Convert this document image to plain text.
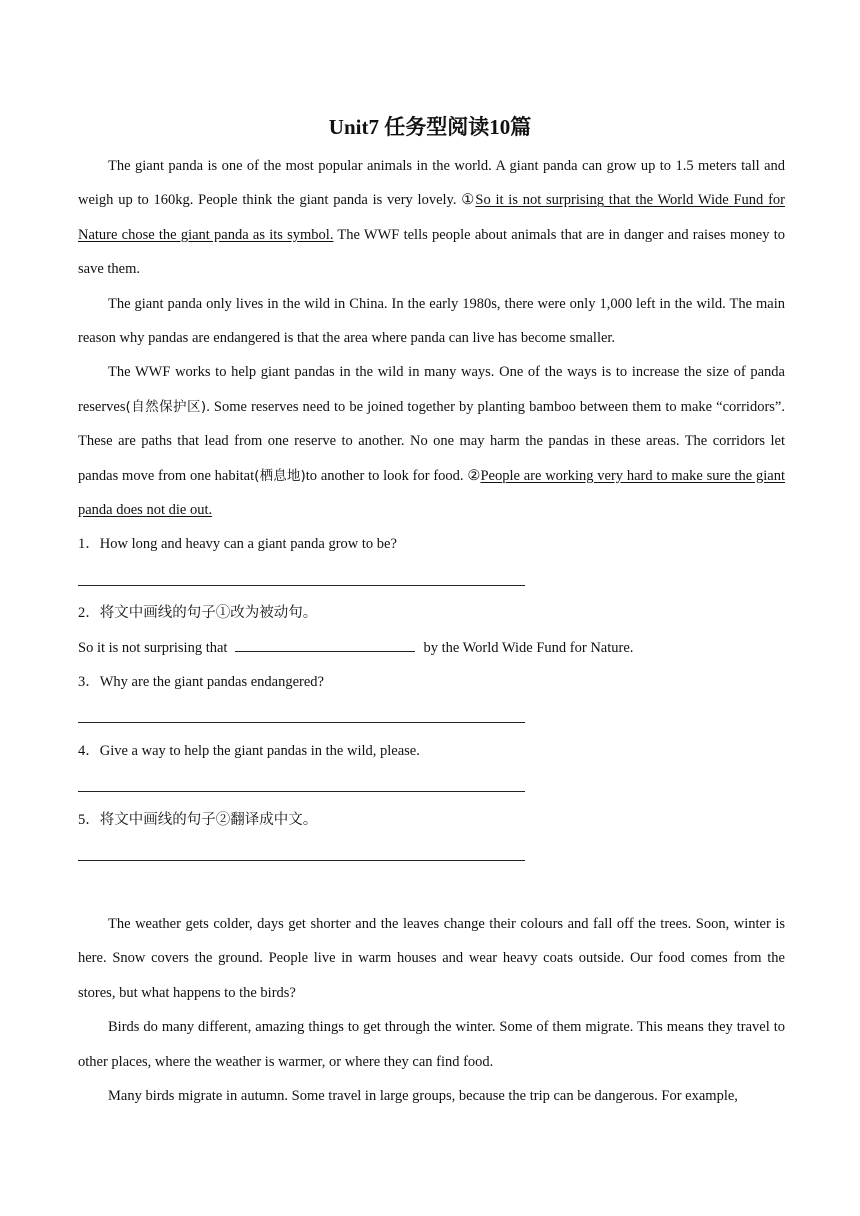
Unit7 任务型阅读10篇

The giant panda is one of the most popular animals in the world. A giant panda can grow up to 1.5 meters tall and weigh up to 160kg. People think the giant panda is very lovely. ①So it is not surprising that the World Wide Fund for Nature chose the giant panda as its symbol. The WWF tells people about animals that are in danger and raises money to save them.

The giant panda only lives in the wild in China. In the early 1980s, there were only 1,000 left in the wild. The main reason why pandas are endangered is that the area where panda can live has become smaller.

The WWF works to help giant pandas in the wild in many ways. One of the ways is to increase the size of panda reserves(自然保护区). Some reserves need to be joined together by planting bamboo between them to make “corridors”. These are paths that lead from one reserve to another. No one may harm the pandas in these areas. The corridors let pandas move from one habitat(栖息地)to another to look for food. ②People are working very hard to make sure the giant panda does not die out.

1．How long and heavy can a giant panda grow to be?

2．将文中画线的句子①改为被动句。

So it is not surprising that	by the World Wide Fund for Nature.

3．Why are the giant pandas endangered?

4．Give a way to help the giant pandas in the wild, please.

5．将文中画线的句子②翻译成中文。

The weather gets colder, days get shorter and the leaves change their colours and fall off the trees. Soon, winter is here. Snow covers the ground. People live in warm houses and wear heavy coats outside. Our food comes from the stores, but what happens to the birds?

Birds do many different, amazing things to get through the winter. Some of them migrate. This means they travel to other places, where the weather is warmer, or where they can find food.

Many birds migrate in autumn. Some travel in large groups, because the trip can be dangerous. For example,
